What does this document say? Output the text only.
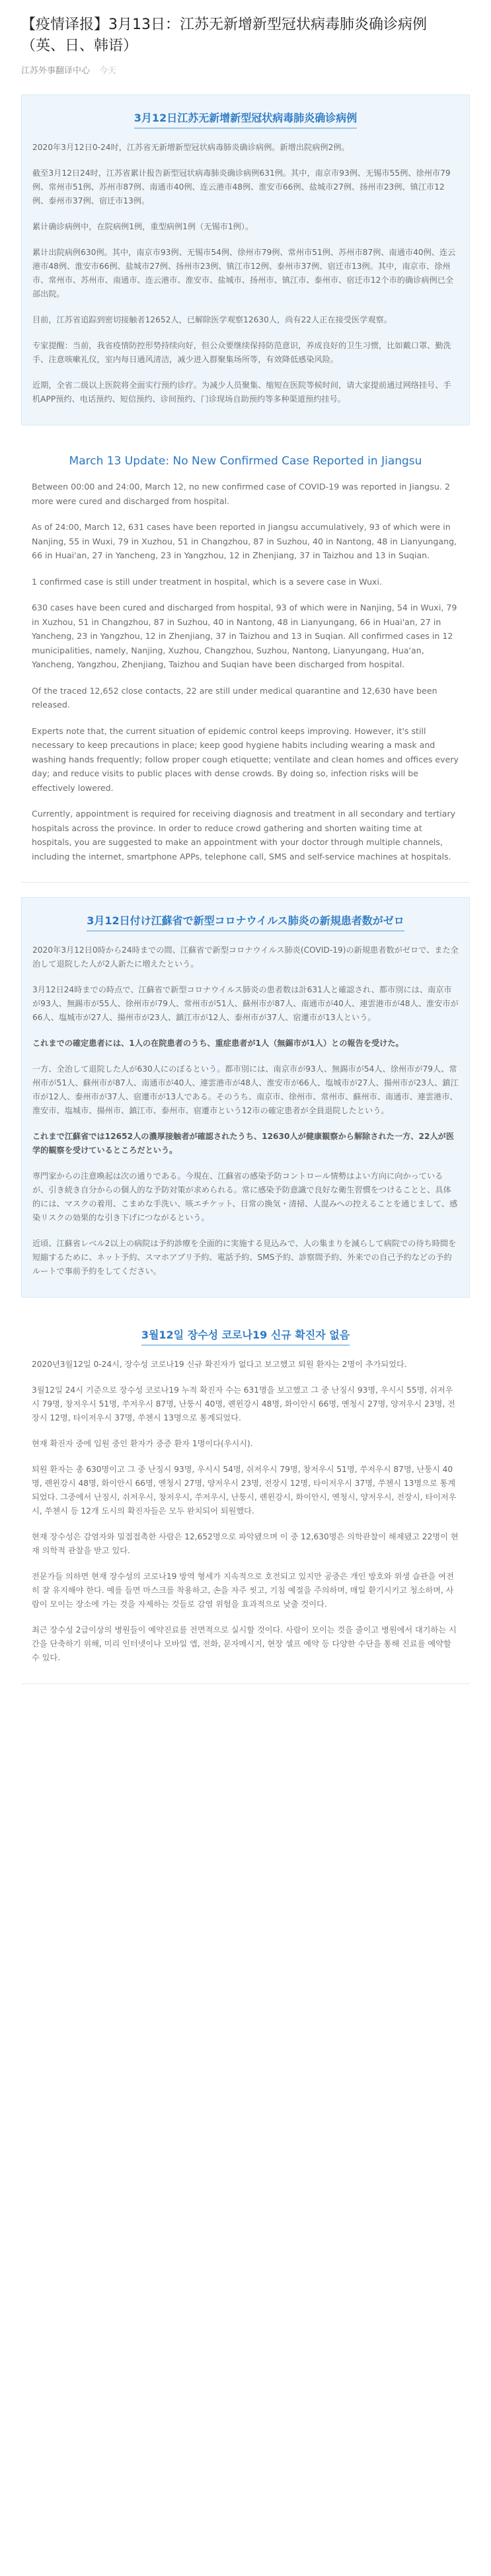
【疫情译报】3月13日：江苏无新增新型冠状病毒肺炎确诊病例（英、日、韩语）
江苏外事翻译中心 今天
3月12日江苏无新增新型冠状病毒肺炎确诊病例

2020年3月12日0-24时，江苏省无新增新型冠状病毒肺炎确诊病例。新增出院病例2例。

截至3月12日24时，江苏省累计报告新型冠状病毒肺炎确诊病例631例。其中，南京市93例、无锡市55例、徐州市79例、常州市51例、苏州市87例、南通市40例、连云港市48例、淮安市66例、盐城市27例、扬州市23例、镇江市12例、泰州市37例、宿迁市13例。

累计确诊病例中，在院病例1例，重型病例1例（无锡市1例）。

累计出院病例630例。其中，南京市93例、无锡市54例、徐州市79例、常州市51例、苏州市87例、南通市40例、连云港市48例、淮安市66例、盐城市27例、扬州市23例、镇江市12例、泰州市37例、宿迁市13例。其中，南京市、徐州市、常州市、苏州市、南通市、连云港市、淮安市、盐城市、扬州市、镇江市、泰州市、宿迁市12个市的确诊病例已全部出院。

目前，江苏省追踪到密切接触者12652人，已解除医学观察12630人，尚有22人正在接受医学观察。

专家提醒：当前，我省疫情防控形势持续向好，但公众要继续保持防范意识，养成良好的卫生习惯，比如戴口罩、勤洗手、注意咳嗽礼仪，室内每日通风清洁，减少进入群聚集场所等，有效降低感染风险。

近期，全省二级以上医院将全面实行预约诊疗。为减少人员聚集、缩短在医院等候时间，请大家提前通过网络挂号、手机APP预约、电话预约、短信预约、诊间预约、门诊现场自助预约等多种渠道预约挂号。

March 13 Update: No New Confirmed Case Reported in Jiangsu

Between 00:00 and 24:00, March 12, no new confirmed case of COVID-19 was reported in Jiangsu. 2 more were cured and discharged from hospital.

As of 24:00, March 12, 631 cases have been reported in Jiangsu accumulatively, 93 of which were in Nanjing, 55 in Wuxi, 79 in Xuzhou, 51 in Changzhou, 87 in Suzhou, 40 in Nantong, 48 in Lianyungang, 66 in Huai'an, 27 in Yancheng, 23 in Yangzhou, 12 in Zhenjiang, 37 in Taizhou and 13 in Suqian.

1 confirmed case is still under treatment in hospital, which is a severe case in Wuxi.

630 cases have been cured and discharged from hospital, 93 of which were in Nanjing, 54 in Wuxi, 79 in Xuzhou, 51 in Changzhou, 87 in Suzhou, 40 in Nantong, 48 in Lianyungang, 66 in Huai'an, 27 in Yancheng, 23 in Yangzhou, 12 in Zhenjiang, 37 in Taizhou and 13 in Suqian. All confirmed cases in 12 municipalities, namely, Nanjing, Xuzhou, Changzhou, Suzhou, Nantong, Lianyungang, Hua'an, Yancheng, Yangzhou, Zhenjiang, Taizhou and Suqian have been discharged from hospital.

Of the traced 12,652 close contacts, 22 are still under medical quarantine and 12,630 have been released.

Experts note that, the current situation of epidemic control keeps improving. However, it's still necessary to keep precautions in place; keep good hygiene habits including wearing a mask and washing hands frequently; follow proper cough etiquette; ventilate and clean homes and offices every day; and reduce visits to public places with dense crowds. By doing so, infection risks will be effectively lowered.

Currently, appointment is required for receiving diagnosis and treatment in all secondary and tertiary hospitals across the province. In order to reduce crowd gathering and shorten waiting time at hospitals, you are suggested to make an appointment with your doctor through multiple channels, including the internet, smartphone APPs, telephone call, SMS and self-service machines at hospitals.

3月12日付け江蘇省で新型コロナウイルス肺炎の新規患者数がゼロ

2020年3月12日0時から24時までの間、江蘇省で新型コロナウイルス肺炎(COVID-19)の新規患者数がゼロで、また全治して退院した人が2人新たに増えたという。

3月12日24時までの時点で、江蘇省で新型コロナウイルス肺炎の患者数は計631人と確認され、都市別には、南京市が93人、無錫市が55人、徐州市が79人、常州市が51人、蘇州市が87人、南通市が40人、連雲港市が48人、淮安市が66人、塩城市が27人、揚州市が23人、鎮江市が12人、泰州市が37人、宿遷市が13人という。

これまでの確定患者には、1人の在院患者のうち、重症患者が1人（無錫市が1人）との報告を受けた。

一方、全治して退院した人が630人にのぼるという。都市別には、南京市が93人、無錫市が54人、徐州市が79人、常州市が51人、蘇州市が87人、南通市が40人、連雲港市が48人、淮安市が66人、塩城市が27人、揚州市が23人、鎮江市が12人、泰州市が37人、宿遷市が13人である。そのうち、南京市、徐州市、常州市、蘇州市、南通市、連雲港市、淮安市、塩城市、揚州市、鎮江市、泰州市、宿遷市という12市の確定患者が全員退院したという。

これまで江蘇省では12652人の濃厚接触者が確認されたうち、12630人が健康観察から解除された一方、22人が医学的観察を受けているところだという。

専門家からの注意喚起は次の通りである。今現在、江蘇省の感染予防コントロール情勢はよい方向に向かっているが、引き続き自分からの個人的な予防対策が求められる。常に感染予防意識で良好な衛生習慣をつけることと、具体的には、マスクの着用、こまめな手洗い、咳エチケット、日常の換気・清掃、人混みへの控えることを通じまして、感染リスクの効果的な引き下げにつながるという。

近頃、江蘇省レベル2以上の病院は予約診療を全面的に実施する見込みで、人の集まりを減らして病院での待ち時間を短縮するために、ネット予約、スマホアプリ予約、電話予約、SMS予約、診察間予約、外来での自己予約などの予約ルートで事前予約をしてください。

3월12일 장수성 코로나19 신규 확진자 없음

2020년3월12일 0-24시, 장수성 코로나19 신규 확진자가 없다고 보고했고 퇴원 환자는 2명이 추가되었다.

3월12일 24시 기준으로 장수성 코로나19 누적 확진자 수는 631명을 보고했고 그 중 난징시 93명, 우시시 55명, 쉬저우시 79명, 창저우시 51명, 쑤저우시 87명, 난퉁시 40명, 롄윈강시 48명, 화이안시 66명, 옌청시 27명, 양저우시 23명, 전장시 12명, 타이저우시 37명, 쑤첸시 13명으로 통계되었다.

현재 확진자 중에 입원 중인 환자가 중증 환자 1명이다(우시시).

퇴원 환자는 총 630명이고 그 중 난징시 93명, 우시시 54명, 쉬저우시 79명, 창저우시 51명, 쑤저우시 87명, 난퉁시 40명, 롄윈강시 48명, 화이안시 66명, 옌청시 27명, 양저우시 23명, 전장시 12명, 타이저우시 37명, 쑤첸시 13명으로 통계되었다. 그중에서 난징시, 쉬저우시, 창저우시, 쑤저우시, 난퉁시, 롄윈강시, 화이안시, 옌청시, 양저우시, 전장시, 타이저우시, 쑤첸시 등 12개 도시의 확진자들은 모두 완치되어 퇴원했다.

현재 장수성은 감염자와 밀접접촉한 사람은 12,652명으로 파악됐으며 이 중 12,630명은 의학관찰이 해제됐고 22명이 현재 의학적 관찰을 받고 있다.

전문가들 의하면 현재 장수성의 코로나19 방역 형세가 지속적으로 호전되고 있지만 공중은 개인 방호와 위생 습관을 여전히 잘 유지해야 한다. 예를 들면 마스크를 착용하고, 손을 자주 씻고, 기침 예절을 주의하며, 매일 환기시키고 청소하며, 사람이 모이는 장소에 가는 것을 자제하는 것들로 감염 위험을 효과적으로 낮출 것이다.

최근 장수성 2급이상의 병원들이 예약진료를 전면적으로 실시할 것이다. 사람이 모이는 것을 줄이고 병원에서 대기하는 시간을 단축하기 위해, 미리 인터넷이나 모바일 앱, 전화, 문자메시지, 현장 셀프 예약 등 다양한 수단을 통해 진료를 예약할 수 있다.
